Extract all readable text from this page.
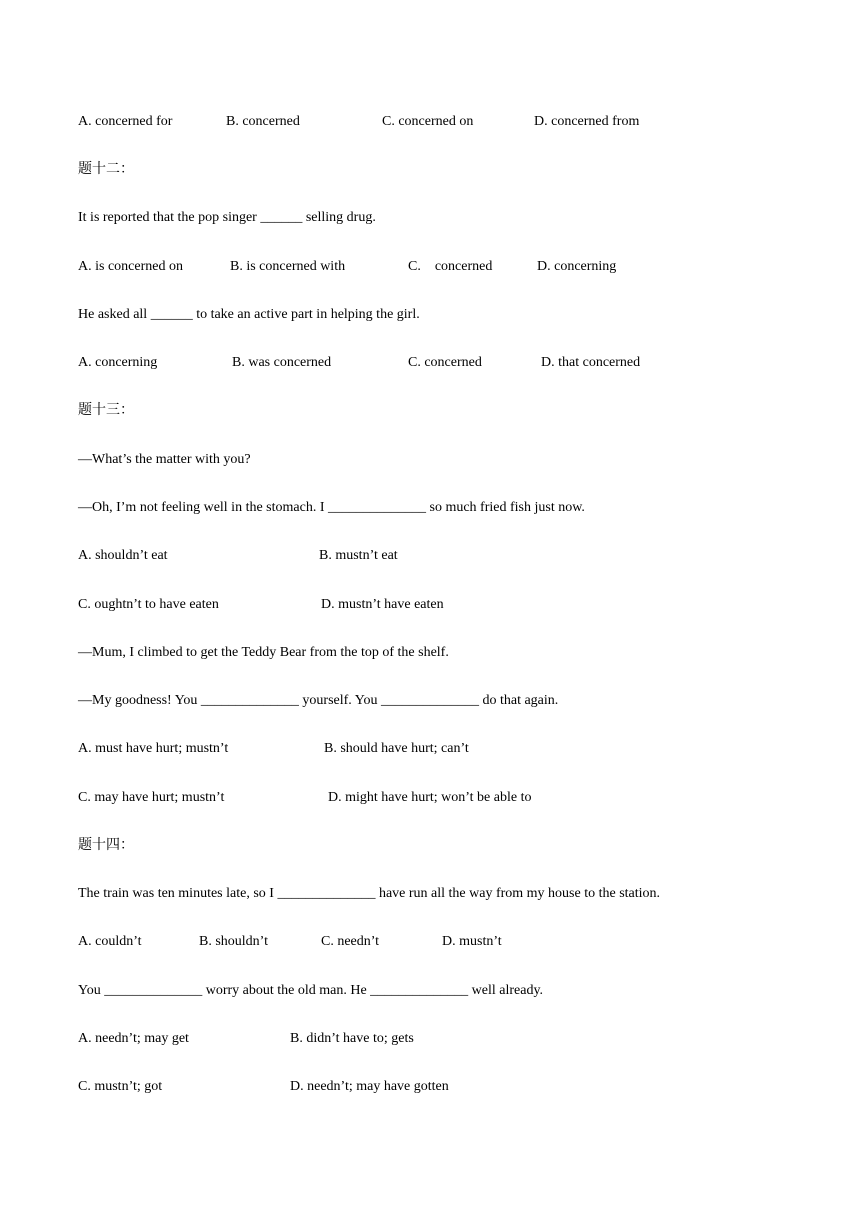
A. concerned for	B. concerned	C. concerned on	D. concerned from
题十二：
It is reported that the pop singer ______ selling drug.
A. is concerned on	B. is concerned with	C.    concerned	D. concerning
He asked all ______ to take an active part in helping the girl.
A. concerning	B. was concerned	C. concerned	D. that concerned
题十三：
—What’s the matter with you?
—Oh, I’m not feeling well in the stomach. I ______________ so much fried fish just now.
A. shouldn’t eat	B. mustn’t eat
C. oughtn’t to have eaten	D. mustn’t have eaten
—Mum, I climbed to get the Teddy Bear from the top of the shelf.
—My goodness! You ______________ yourself. You ______________ do that again.
A. must have hurt; mustn’t	B. should have hurt; can’t
C. may have hurt; mustn’t	D. might have hurt; won’t be able to
题十四：
The train was ten minutes late, so I ______________ have run all the way from my house to the station.
A. couldn’t	B. shouldn’t	C. needn’t	D. mustn’t
You ______________ worry about the old man. He ______________ well already.
A. needn’t; may get	B. didn’t have to; gets
C. mustn’t; got	D. needn’t; may have gotten
